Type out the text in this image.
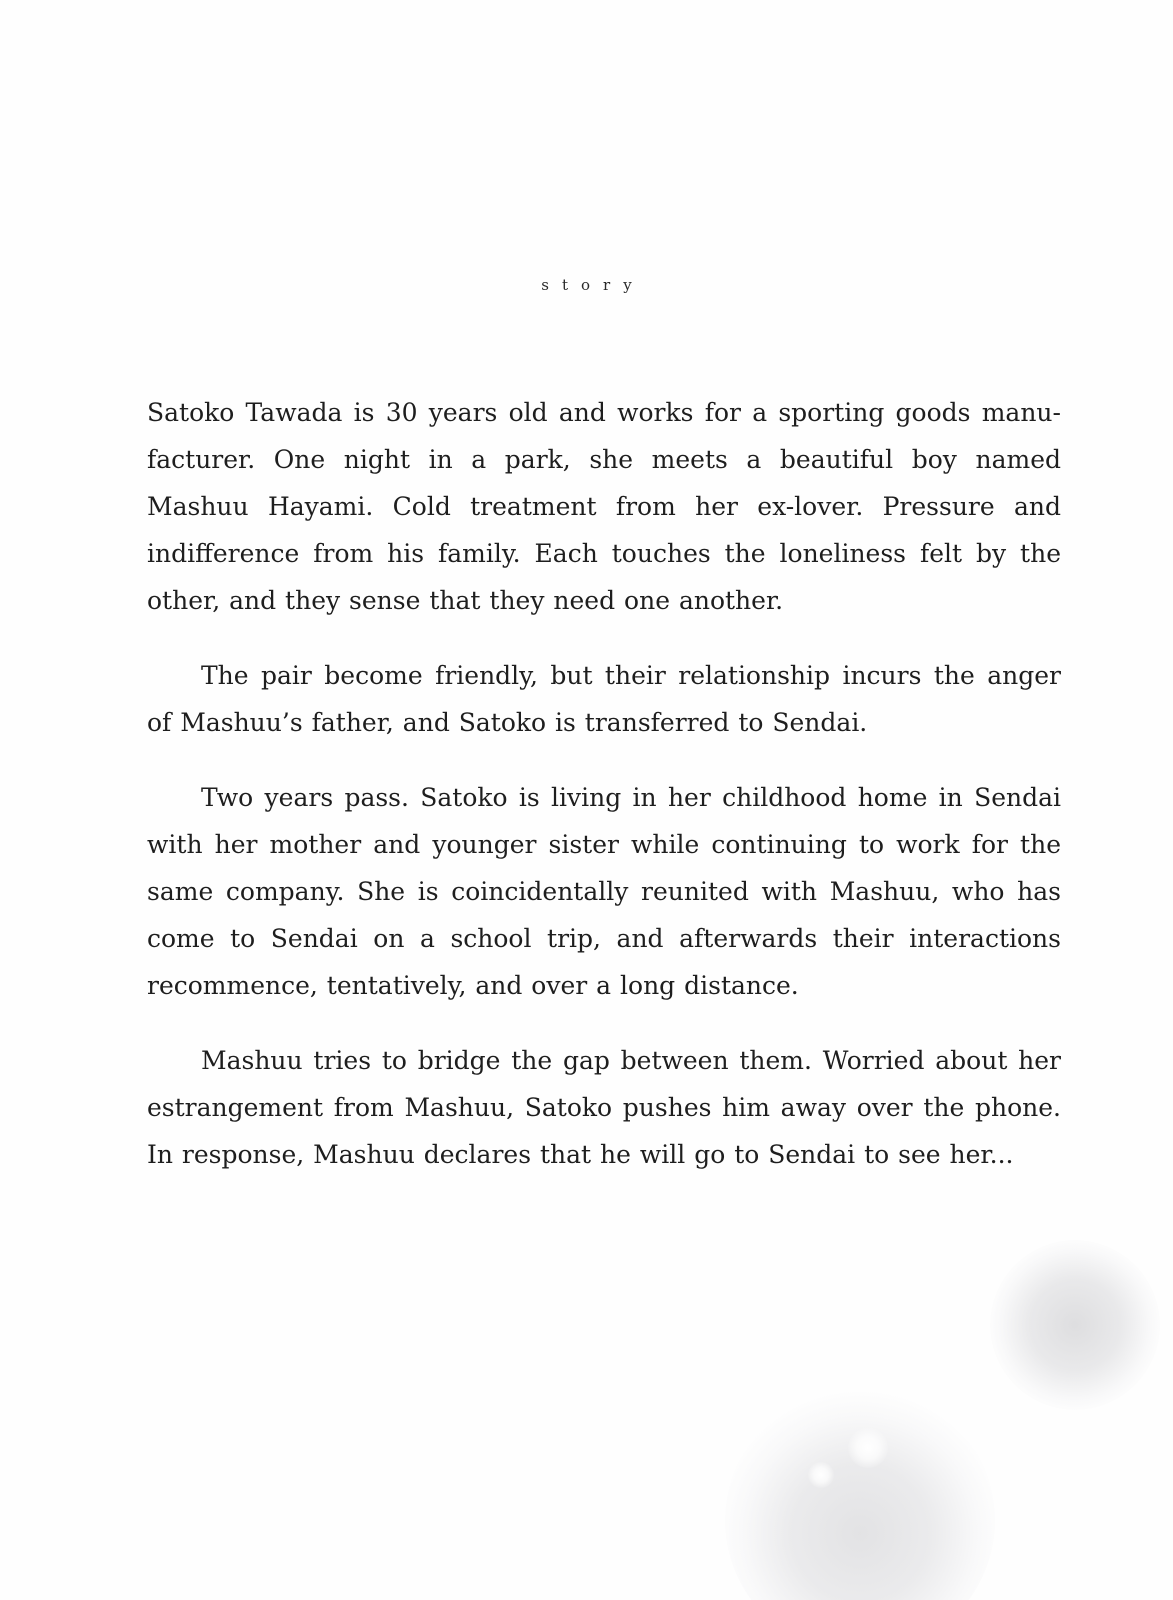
story

Satoko Tawada is 30 years old and works for a sporting goods manufacturer. One night in a park, she meets a beautiful boy named Mashuu Hayami. Cold treatment from her ex-lover. Pressure and indifference from his family. Each touches the loneliness felt by the other, and they sense that they need one another.

The pair become friendly, but their relationship incurs the anger of Mashuu’s father, and Satoko is transferred to Sendai.

Two years pass. Satoko is living in her childhood home in Sendai with her mother and younger sister while continuing to work for the same company. She is coincidentally reunited with Mashuu, who has come to Sendai on a school trip, and afterwards their interactions recommence, tentatively, and over a long distance.

Mashuu tries to bridge the gap between them. Worried about her estrangement from Mashuu, Satoko pushes him away over the phone. In response, Mashuu declares that he will go to Sendai to see her...
